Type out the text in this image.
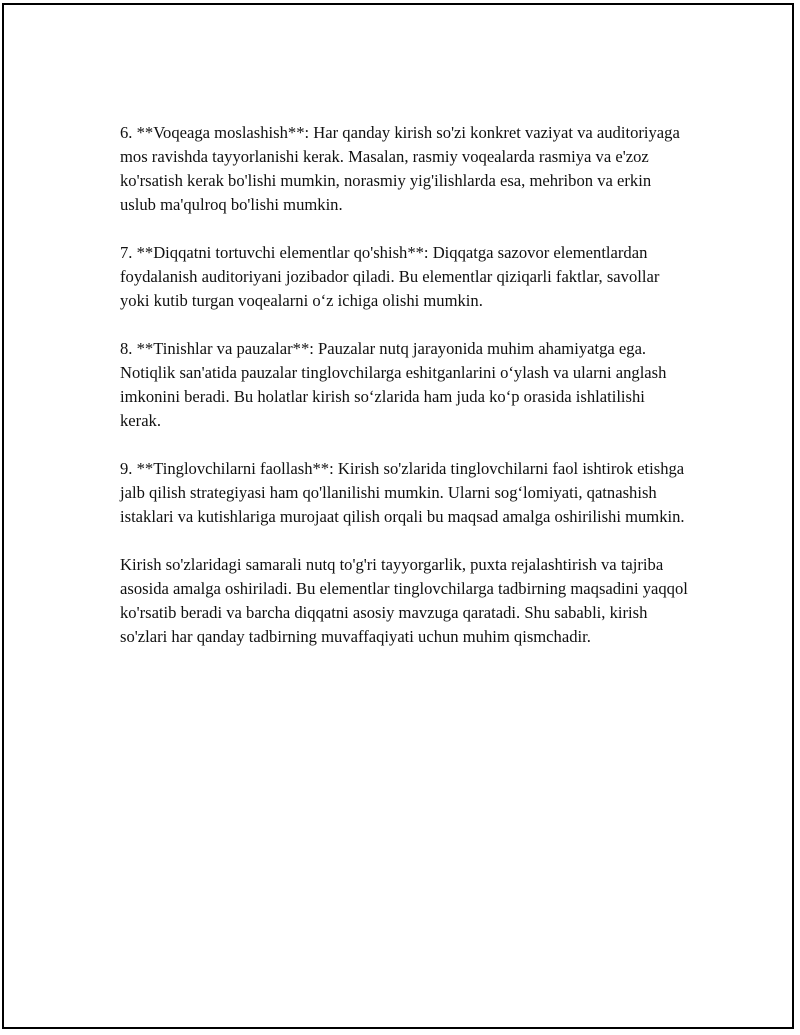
6. **Voqeaga moslashish**: Har qanday kirish so'zi konkret vaziyat va auditoriyaga mos ravishda tayyorlanishi kerak. Masalan, rasmiy voqealarda rasmiya va e'zoz ko'rsatish kerak bo'lishi mumkin, norasmiy yig'ilishlarda esa, mehribon va erkin uslub ma'qulroq bo'lishi mumkin.

7. **Diqqatni tortuvchi elementlar qo'shish**: Diqqatga sazovor elementlardan foydalanish auditoriyani jozibador qiladi. Bu elementlar qiziqarli faktlar, savollar yoki kutib turgan voqealarni o‘z ichiga olishi mumkin.

8. **Tinishlar va pauzalar**: Pauzalar nutq jarayonida muhim ahamiyatga ega. Notiqlik san'atida pauzalar tinglovchilarga eshitganlarini o‘ylash va ularni anglash imkonini beradi. Bu holatlar kirish so‘zlarida ham juda ko‘p orasida ishlatilishi kerak.

9. **Tinglovchilarni faollash**: Kirish so'zlarida tinglovchilarni faol ishtirok etishga jalb qilish strategiyasi ham qo'llanilishi mumkin. Ularni sog‘lomiyati, qatnashish istaklari va kutishlariga murojaat qilish orqali bu maqsad amalga oshirilishi mumkin.

Kirish so'zlaridagi samarali nutq to'g'ri tayyorgarlik, puxta rejalashtirish va tajriba asosida amalga oshiriladi. Bu elementlar tinglovchilarga tadbirning maqsadini yaqqol ko'rsatib beradi va barcha diqqatni asosiy mavzuga qaratadi. Shu sababli, kirish so'zlari har qanday tadbirning muvaffaqiyati uchun muhim qismchadir.
